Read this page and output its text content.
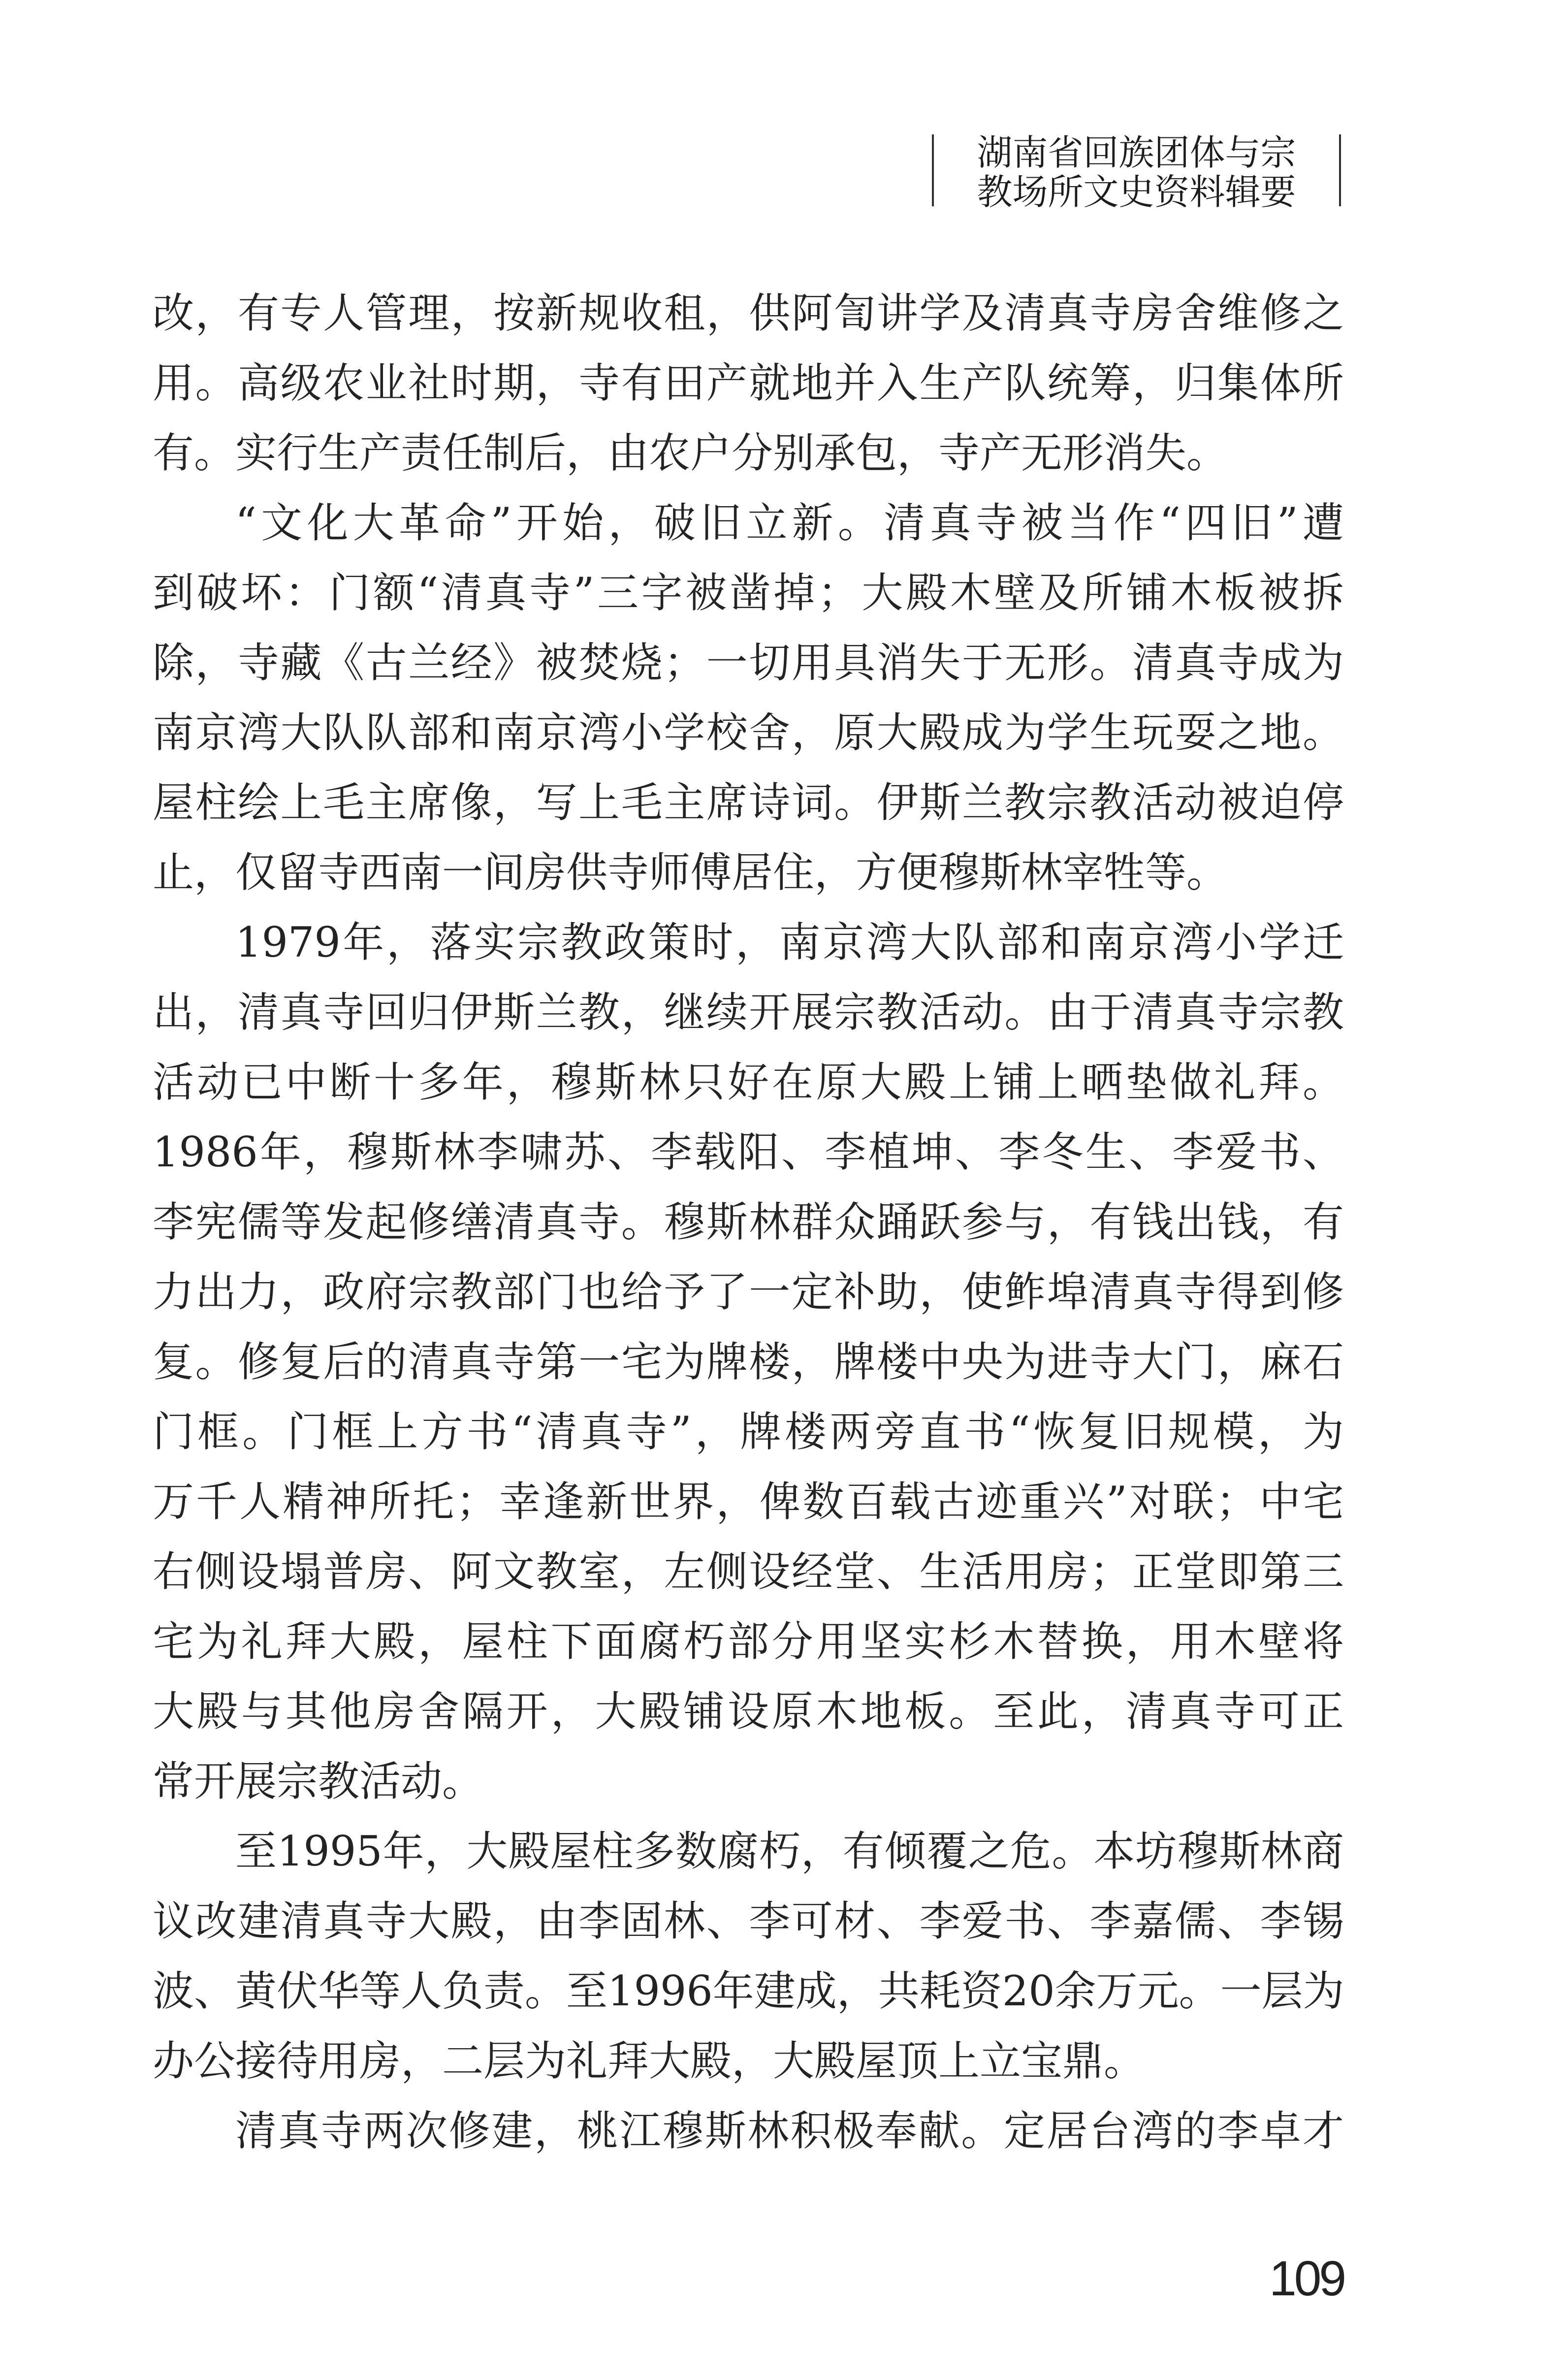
湖南省回族团体与宗
教场所文史资料辑要
改，有专人管理，按新规收租，供阿訇讲学及清真寺房舍维修之
用。高级农业社时期，寺有田产就地并入生产队统筹，归集体所
有。实行生产责任制后，由农户分别承包，寺产无形消失。
“文化大革命”开始，破旧立新。清真寺被当作“四旧”遭
到破坏：门额“清真寺”三字被凿掉；大殿木壁及所铺木板被拆
除，寺藏《古兰经》被焚烧；一切用具消失于无形。清真寺成为
南京湾大队队部和南京湾小学校舍，原大殿成为学生玩耍之地。
屋柱绘上毛主席像，写上毛主席诗词。伊斯兰教宗教活动被迫停
止，仅留寺西南一间房供寺师傅居住，方便穆斯林宰牲等。
1979年，落实宗教政策时，南京湾大队部和南京湾小学迁
出，清真寺回归伊斯兰教，继续开展宗教活动。由于清真寺宗教
活动已中断十多年，穆斯林只好在原大殿上铺上晒垫做礼拜。
1986年，穆斯林李啸苏、李载阳、李植坤、李冬生、李爱书、
李宪儒等发起修缮清真寺。穆斯林群众踊跃参与，有钱出钱，有
力出力，政府宗教部门也给予了一定补助，使鲊埠清真寺得到修
复。修复后的清真寺第一宅为牌楼，牌楼中央为进寺大门，麻石
门框。门框上方书“清真寺”，牌楼两旁直书“恢复旧规模，为
万千人精神所托；幸逢新世界，俾数百载古迹重兴”对联；中宅
右侧设塌普房、阿文教室，左侧设经堂、生活用房；正堂即第三
宅为礼拜大殿，屋柱下面腐朽部分用坚实杉木替换，用木壁将
大殿与其他房舍隔开，大殿铺设原木地板。至此，清真寺可正
常开展宗教活动。
至1995年，大殿屋柱多数腐朽，有倾覆之危。本坊穆斯林商
议改建清真寺大殿，由李固林、李可材、李爱书、李嘉儒、李锡
波、黄伏华等人负责。至1996年建成，共耗资20余万元。一层为
办公接待用房，二层为礼拜大殿，大殿屋顶上立宝鼎。
清真寺两次修建，桃江穆斯林积极奉献。定居台湾的李卓才
109
